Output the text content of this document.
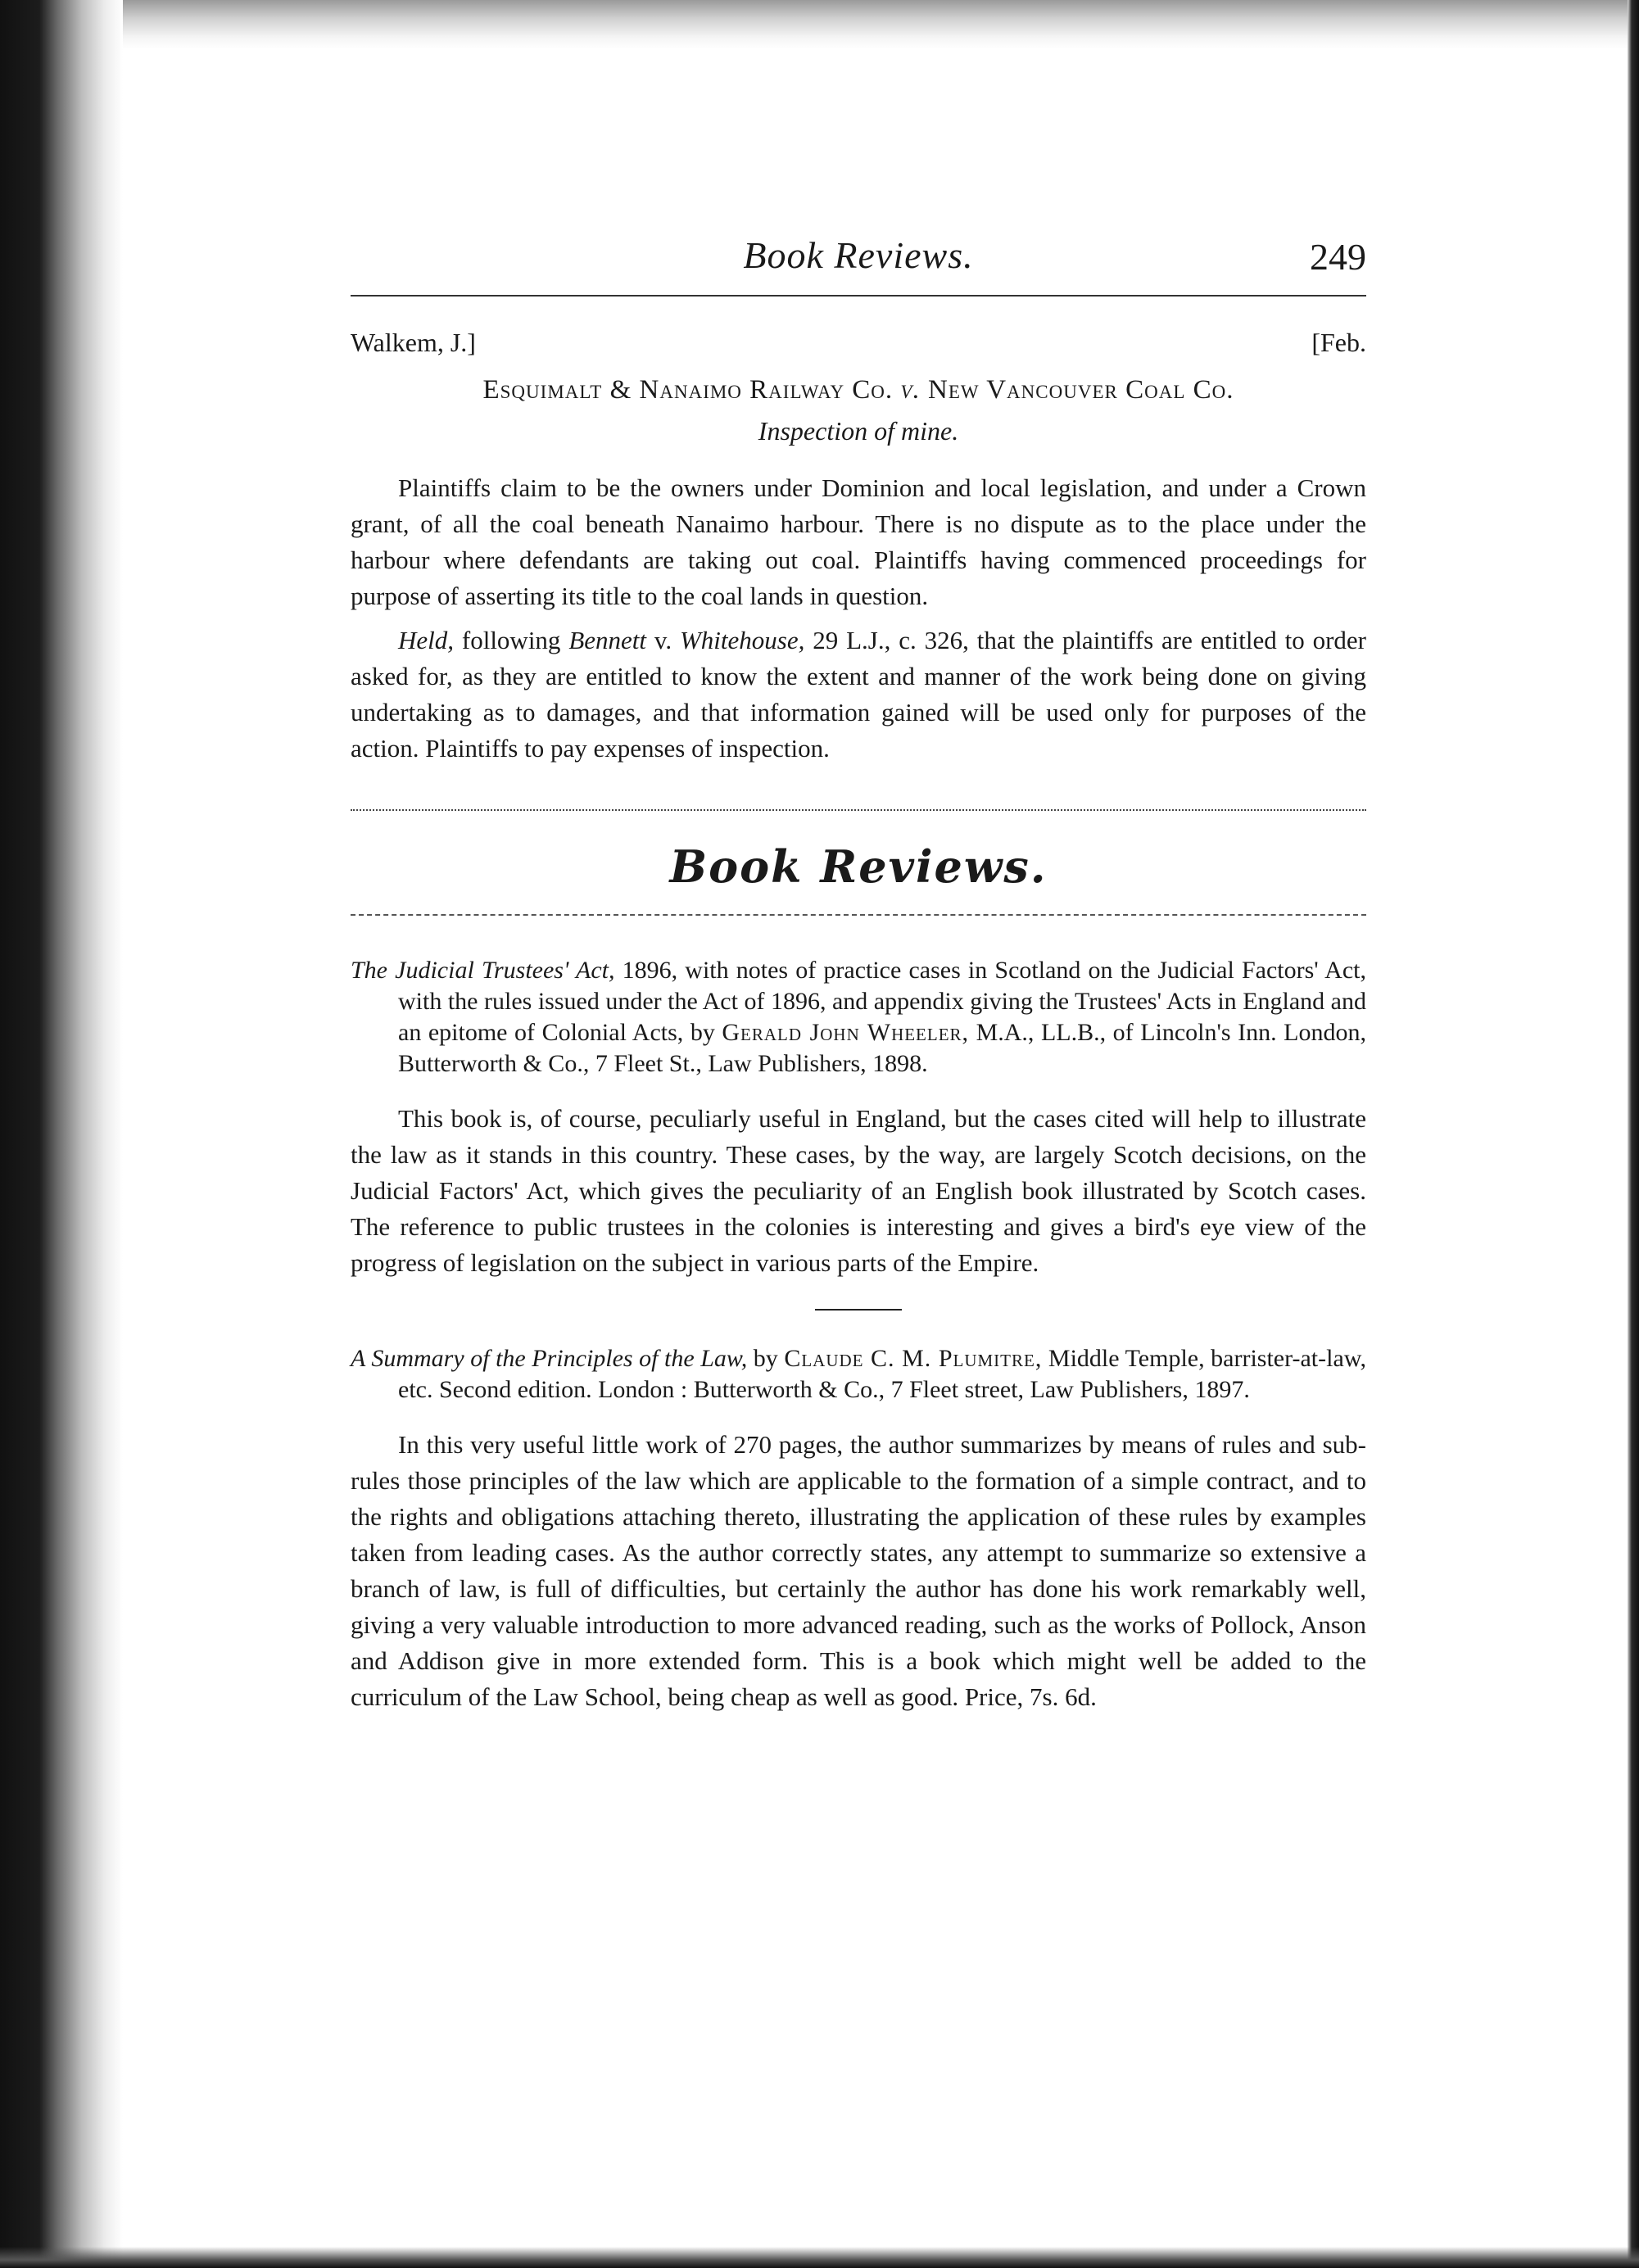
Book Reviews.	249
Walkem, J.]	[Feb.
Esquimalt & Nanaimo Railway Co. v. New Vancouver Coal Co.
Inspection of mine.

Plaintiffs claim to be the owners under Dominion and local legislation, and under a Crown grant, of all the coal beneath Nanaimo harbour. There is no dispute as to the place under the harbour where defendants are taking out coal. Plaintiffs having commenced proceedings for purpose of asserting its title to the coal lands in question.

Held, following Bennett v. Whitehouse, 29 L.J., c. 326, that the plaintiffs are entitled to order asked for, as they are entitled to know the extent and manner of the work being done on giving undertaking as to damages, and that information gained will be used only for purposes of the action. Plaintiffs to pay expenses of inspection.

Book Reviews.

The Judicial Trustees' Act, 1896, with notes of practice cases in Scotland on the Judicial Factors' Act, with the rules issued under the Act of 1896, and appendix giving the Trustees' Acts in England and an epitome of Colonial Acts, by Gerald John Wheeler, M.A., LL.B., of Lincoln's Inn. London, Butterworth & Co., 7 Fleet St., Law Publishers, 1898.

This book is, of course, peculiarly useful in England, but the cases cited will help to illustrate the law as it stands in this country. These cases, by the way, are largely Scotch decisions, on the Judicial Factors' Act, which gives the peculiarity of an English book illustrated by Scotch cases. The reference to public trustees in the colonies is interesting and gives a bird's eye view of the progress of legislation on the subject in various parts of the Empire.

A Summary of the Principles of the Law, by Claude C. M. Plumitre, Middle Temple, barrister-at-law, etc. Second edition. London : Butterworth & Co., 7 Fleet street, Law Publishers, 1897.

In this very useful little work of 270 pages, the author summarizes by means of rules and sub-rules those principles of the law which are applicable to the formation of a simple contract, and to the rights and obligations attaching thereto, illustrating the application of these rules by examples taken from leading cases. As the author correctly states, any attempt to summarize so extensive a branch of law, is full of difficulties, but certainly the author has done his work remarkably well, giving a very valuable introduction to more advanced reading, such as the works of Pollock, Anson and Addison give in more extended form. This is a book which might well be added to the curriculum of the Law School, being cheap as well as good. Price, 7s. 6d.
